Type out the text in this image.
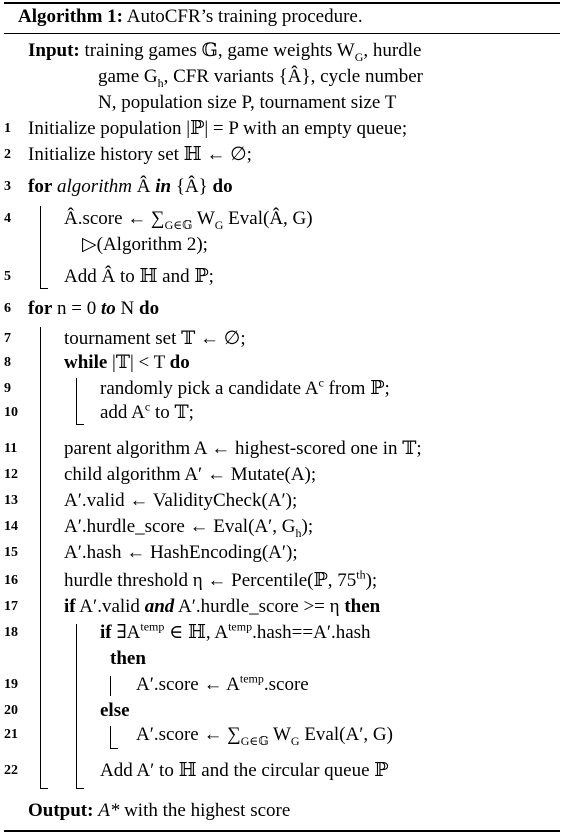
Algorithm 1: AutoCFR’s training procedure.
Input: training games 𝔾, game weights $W_G$, hurdle
game $G_h$, CFR variants {Â}, cycle number
N, population size P, tournament size T
1 Initialize population |ℙ| = P with an empty queue;
2 Initialize history set ℍ ← ∅;
3 for algorithm Â in {Â} do
4	Â.score ← $\sum_{G\in 𝔾}$ $W_G$ Eval(Â, G)
▷(Algorithm 2);
5	Add Â to ℍ and ℙ;
6 for n = 0 to N do
7	tournament set 𝕋 ← ∅;
8	while |𝕋| < T do
9	randomly pick a candidate $A^c$ from ℙ;
10	add $A^c$ to 𝕋;
11 parent algorithm A ← highest-scored one in 𝕋;
12 child algorithm A′ ← Mutate(A);
13 A′.valid ← ValidityCheck(A′);
14 A′.hurdle_score ← Eval(A′, $G_h$);
15 A′.hash ← HashEncoding(A′);
16 hurdle threshold η ← Percentile(ℙ, 75th);
17 if A′.valid and A′.hurdle_score >= η then
18	if $\exists A^{temp}$ ∈ ℍ, $A^{temp}.hash==A'.hash$
then
19	A′.score ← $A^{temp}.score$
20	else
21	A′.score ← $\sum_{G\in 𝔾}$ $W_G$ Eval(A′, G)
22	Add A′ to ℍ and the circular queue ℙ
Output: A* with the highest score
